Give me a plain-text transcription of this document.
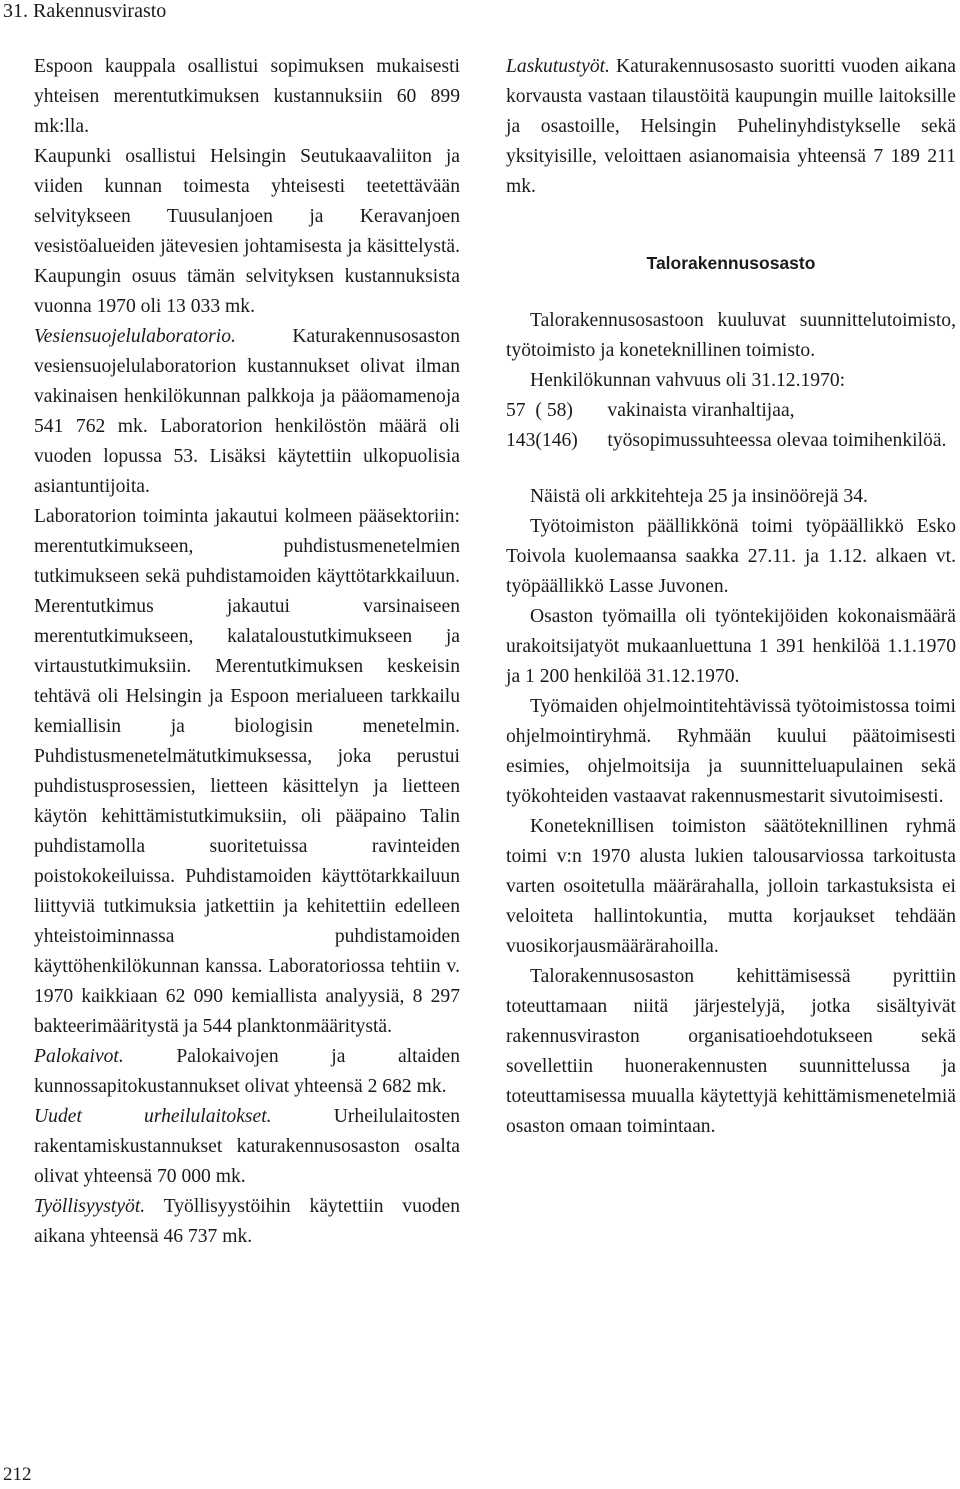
31. Rakennusvirasto

Espoon kauppala osallistui sopimuksen mukaisesti yhteisen merentutkimuksen kustannuksiin 60 899 mk:lla.

Kaupunki osallistui Helsingin Seutukaavaliiton ja viiden kunnan toimesta yhteisesti teetettävään selvitykseen Tuusulanjoen ja Keravanjoen vesistöalueiden jätevesien johtamisesta ja käsittelystä. Kaupungin osuus tämän selvityksen kustannuksista vuonna 1970 oli 13 033 mk.

Vesiensuojelulaboratorio. Katurakennusosaston vesiensuojelulaboratorion kustannukset olivat ilman vakinaisen henkilökunnan palkkoja ja pääomamenoja 541 762 mk. Laboratorion henkilöstön määrä oli vuoden lopussa 53. Lisäksi käytettiin ulkopuolisia asiantuntijoita.

Laboratorion toiminta jakautui kolmeen pääsektoriin: merentutkimukseen, puhdistusmenetelmien tutkimukseen sekä puhdistamoiden käyttötarkkailuun. Merentutkimus jakautui varsinaiseen merentutkimukseen, kalataloustutkimukseen ja virtaustutkimuksiin. Merentutkimuksen keskeisin tehtävä oli Helsingin ja Espoon merialueen tarkkailu kemiallisin ja biologisin menetelmin. Puhdistusmenetelmätutkimuksessa, joka perustui puhdistusprosessien, lietteen käsittelyn ja lietteen käytön kehittämistutkimuksiin, oli pääpaino Talin puhdistamolla suoritetuissa ravinteiden poistokokeiluissa. Puhdistamoiden käyttötarkkailuun liittyviä tutkimuksia jatkettiin ja kehitettiin edelleen yhteistoiminnassa puhdistamoiden käyttöhenkilökunnan kanssa. Laboratoriossa tehtiin v. 1970 kaikkiaan 62 090 kemiallista analyysiä, 8 297 bakteerimääritystä ja 544 planktonmääritystä.

Palokaivot. Palokaivojen ja altaiden kunnossapitokustannukset olivat yhteensä 2 682 mk.

Uudet urheilulaitokset. Urheilulaitosten rakentamiskustannukset katurakennusosaston osalta olivat yhteensä 70 000 mk.

Työllisyystyöt. Työllisyystöihin käytettiin vuoden aikana yhteensä 46 737 mk.

Laskutustyöt. Katurakennusosasto suoritti vuoden aikana korvausta vastaan tilaustöitä kaupungin muille laitoksille ja osastoille, Helsingin Puhelinyhdistykselle sekä yksityisille, veloittaen asianomaisia yhteensä 7 189 211 mk.

Talorakennusosasto

Talorakennusosastoon kuuluvat suunnittelutoimisto, työtoimisto ja koneteknillinen toimisto.

Henkilökunnan vahvuus oli 31.12.1970:

57	( 58)	vakinaista viranhaltijaa,
143	(146)	työsopimussuhteessa olevaa toimihenkilöä.

Näistä oli arkkitehteja 25 ja insinöörejä 34.

Työtoimiston päällikkönä toimi työpäällikkö Esko Toivola kuolemaansa saakka 27.11. ja 1.12. alkaen vt. työpäällikkö Lasse Juvonen.

Osaston työmailla oli työntekijöiden kokonaismäärä urakoitsijatyöt mukaanluettuna 1 391 henkilöä 1.1.1970 ja 1 200 henkilöä 31.12.1970.

Työmaiden ohjelmointitehtävissä työtoimistossa toimi ohjelmointiryhmä. Ryhmään kuului päätoimisesti esimies, ohjelmoitsija ja suunnitteluapulainen sekä työkohteiden vastaavat rakennusmestarit sivutoimisesti.

Koneteknillisen toimiston säätöteknillinen ryhmä toimi v:n 1970 alusta lukien talousarviossa tarkoitusta varten osoitetulla määrärahalla, jolloin tarkastuksista ei veloiteta hallintokuntia, mutta korjaukset tehdään vuosikorjausmäärärahoilla.

Talorakennusosaston kehittämisessä pyrittiin toteuttamaan niitä järjestelyjä, jotka sisältyivät rakennusviraston organisatioehdotukseen sekä sovellettiin huonerakennusten suunnittelussa ja toteuttamisessa muualla käytettyjä kehittämismenetelmiä osaston omaan toimintaan.

212
